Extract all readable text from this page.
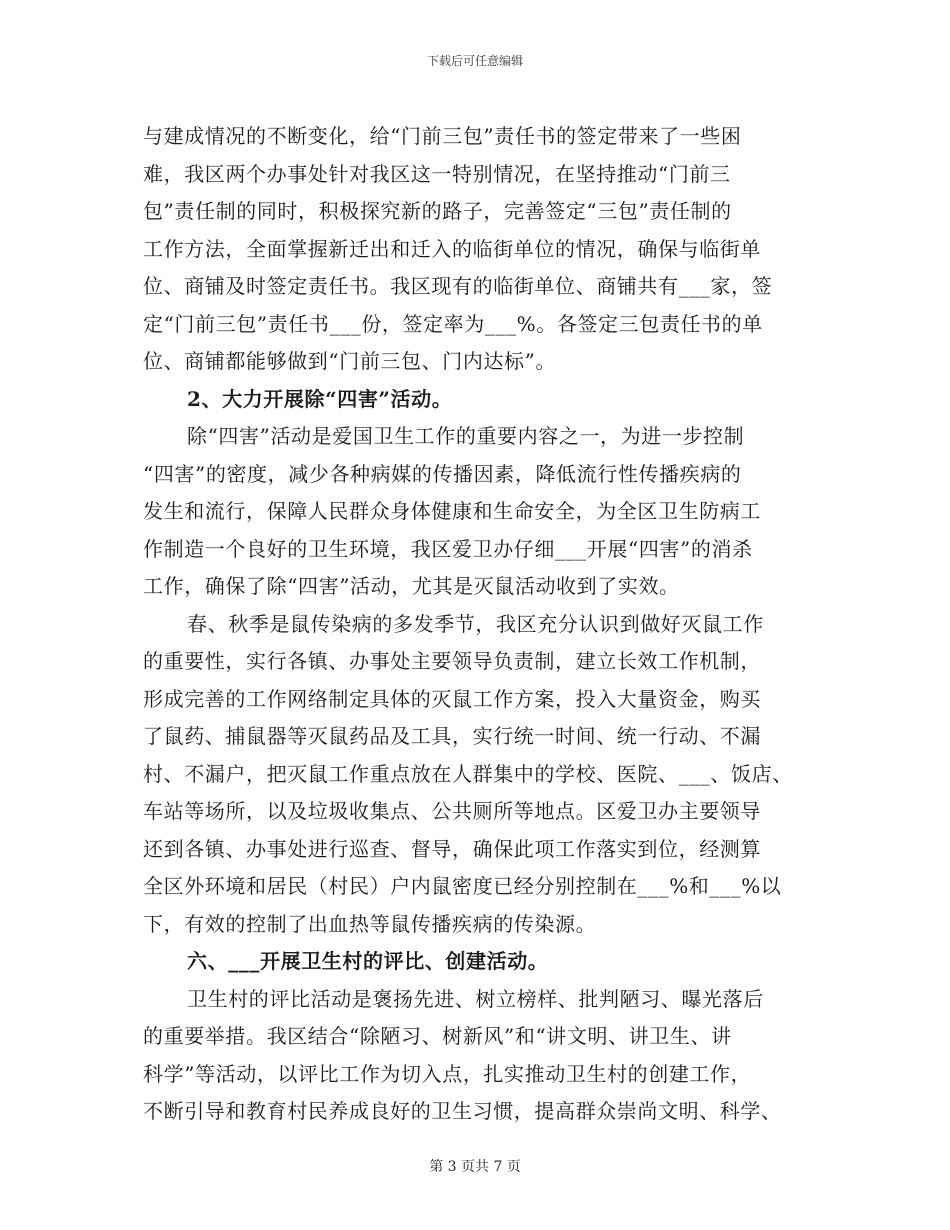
下载后可任意编辑
与建成情况的不断变化，给“门前三包”责任书的签定带来了一些困
难，我区两个办事处针对我区这一特别情况，在坚持推动“门前三
包”责任制的同时，积极探究新的路子，完善签定“三包”责任制的
工作方法，全面掌握新迁出和迁入的临街单位的情况，确保与临街单
位、商铺及时签定责任书。我区现有的临街单位、商铺共有___家，签
定“门前三包”责任书___份，签定率为___%。各签定三包责任书的单
位、商铺都能够做到“门前三包、门内达标”。
2、大力开展除“四害”活动。
除“四害”活动是爱国卫生工作的重要内容之一，为进一步控制
“四害”的密度，减少各种病媒的传播因素，降低流行性传播疾病的
发生和流行，保障人民群众身体健康和生命安全，为全区卫生防病工
作制造一个良好的卫生环境，我区爱卫办仔细___开展“四害”的消杀
工作，确保了除“四害”活动，尤其是灭鼠活动收到了实效。
春、秋季是鼠传染病的多发季节，我区充分认识到做好灭鼠工作
的重要性，实行各镇、办事处主要领导负责制，建立长效工作机制，
形成完善的工作网络制定具体的灭鼠工作方案，投入大量资金，购买
了鼠药、捕鼠器等灭鼠药品及工具，实行统一时间、统一行动、不漏
村、不漏户，把灭鼠工作重点放在人群集中的学校、医院、___、饭店、
车站等场所，以及垃圾收集点、公共厕所等地点。区爱卫办主要领导
还到各镇、办事处进行巡查、督导，确保此项工作落实到位，经测算
全区外环境和居民（村民）户内鼠密度已经分别控制在___%和___%以
下，有效的控制了出血热等鼠传播疾病的传染源。
六、___开展卫生村的评比、创建活动。
卫生村的评比活动是褒扬先进、树立榜样、批判陋习、曝光落后
的重要举措。我区结合“除陋习、树新风”和“讲文明、讲卫生、讲
科学”等活动，以评比工作为切入点，扎实推动卫生村的创建工作，
不断引导和教育村民养成良好的卫生习惯，提高群众崇尚文明、科学、
第 3 页共 7 页
